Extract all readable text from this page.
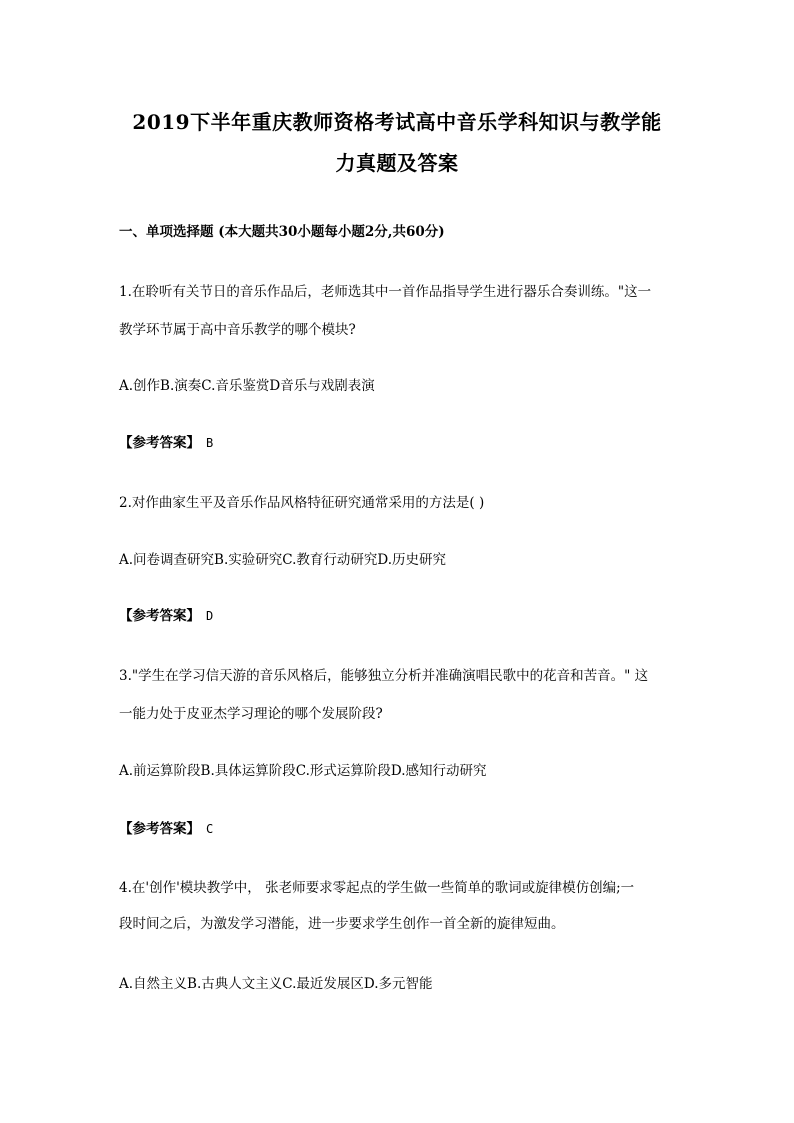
2019下半年重庆教师资格考试高中音乐学科知识与教学能
力真题及答案
一、单项选择题 (本大题共30小题每小题2分,共60分)
1.在聆听有关节日的音乐作品后，老师选其中一首作品指导学生进行器乐合奏训练。"这一
教学环节属于高中音乐教学的哪个模块?
A.创作B.演奏C.音乐鉴赏D音乐与戏剧表演
【参考答案】 B
2.对作曲家生平及音乐作品风格特征研究通常采用的方法是( )
A.问卷调查研究B.实验研究C.教育行动研究D.历史研究
【参考答案】 D
3."学生在学习信天游的音乐风格后，能够独立分析并准确演唱民歌中的花音和苦音。" 这
一能力处于皮亚杰学习理论的哪个发展阶段?
A.前运算阶段B.具体运算阶段C.形式运算阶段D.感知行动研究
【参考答案】 C
4.在'创作'模块教学中， 张老师要求零起点的学生做一些简单的歌词或旋律模仿创编;一
段时间之后，为激发学习潜能，进一步要求学生创作一首全新的旋律短曲。
A.自然主义B.古典人文主义C.最近发展区D.多元智能
